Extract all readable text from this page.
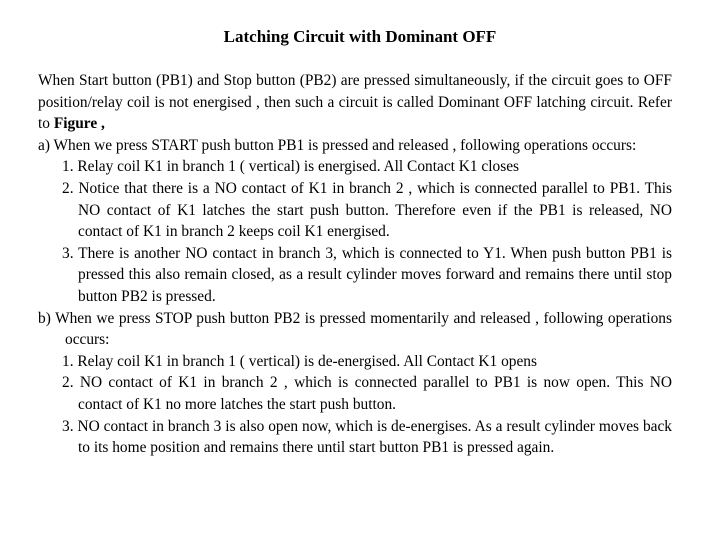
Latching Circuit with Dominant OFF

When Start button (PB1) and Stop button (PB2) are pressed simultaneously, if the circuit goes to OFF position/relay coil is not energised , then such a circuit is called Dominant OFF latching circuit. Refer to Figure ,

a) When we press START push button PB1 is pressed and released , following operations occurs:

1. Relay coil K1 in branch 1 ( vertical) is energised. All Contact K1 closes

2. Notice that there is a NO contact of K1 in branch 2 , which is connected parallel to PB1. This NO contact of K1 latches the start push button. Therefore even if the PB1 is released, NO contact of K1 in branch 2 keeps coil K1 energised.

3. There is another NO contact in branch 3, which is connected to Y1. When push button PB1 is pressed this also remain closed, as a result cylinder moves forward and remains there until stop button PB2 is pressed.

b) When we press STOP push button PB2 is pressed momentarily and released , following operations occurs:

1. Relay coil K1 in branch 1 ( vertical) is de-energised. All Contact K1 opens

2. NO contact of K1 in branch 2 , which is connected parallel to PB1 is now open. This NO contact of K1 no more latches the start push button.

3. NO contact in branch 3 is also open now, which is de-energises. As a result cylinder moves back to its home position and remains there until start button PB1 is pressed again.
